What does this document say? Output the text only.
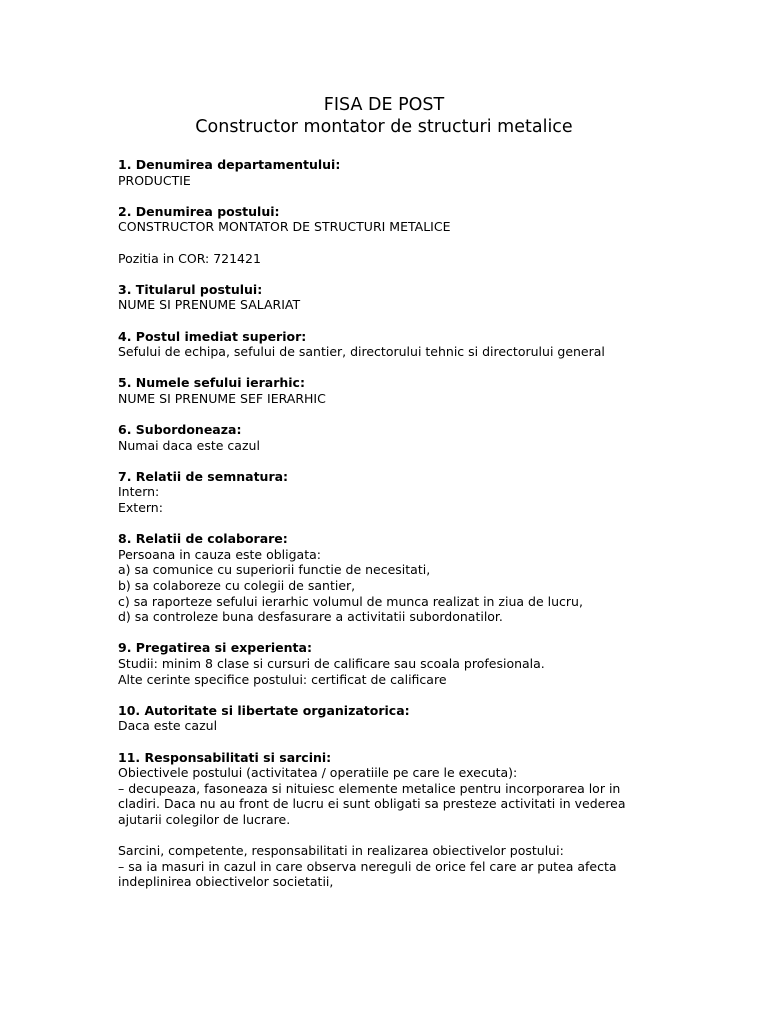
FISA DE POST
Constructor montator de structuri metalice

1. Denumirea departamentului:

PRODUCTIE

2. Denumirea postului:

CONSTRUCTOR MONTATOR DE STRUCTURI METALICE

Pozitia in COR: 721421

3. Titularul postului:

NUME SI PRENUME SALARIAT

4. Postul imediat superior:

Sefului de echipa, sefului de santier, directorului tehnic si directorului general

5. Numele sefului ierarhic:

NUME SI PRENUME SEF IERARHIC

6. Subordoneaza:

Numai daca este cazul

7. Relatii de semnatura:

Intern:

Extern:

8. Relatii de colaborare:

Persoana in cauza este obligata:

a) sa comunice cu superiorii functie de necesitati,

b) sa colaboreze cu colegii de santier,

c) sa raporteze sefului ierarhic volumul de munca realizat in ziua de lucru,

d) sa controleze buna desfasurare a activitatii subordonatilor.

9. Pregatirea si experienta:

Studii: minim 8 clase si cursuri de calificare sau scoala profesionala.

Alte cerinte specifice postului: certificat de calificare

10. Autoritate si libertate organizatorica:

Daca este cazul

11. Responsabilitati si sarcini:

Obiectivele postului (activitatea / operatiile pe care le executa):

– decupeaza, fasoneaza si nituiesc elemente metalice pentru incorporarea lor in cladiri. Daca nu au front de lucru ei sunt obligati sa presteze activitati in vederea ajutarii colegilor de lucrare.

Sarcini, competente, responsabilitati in realizarea obiectivelor postului:

– sa ia masuri in cazul in care observa nereguli de orice fel care ar putea afecta indeplinirea obiectivelor societatii,
